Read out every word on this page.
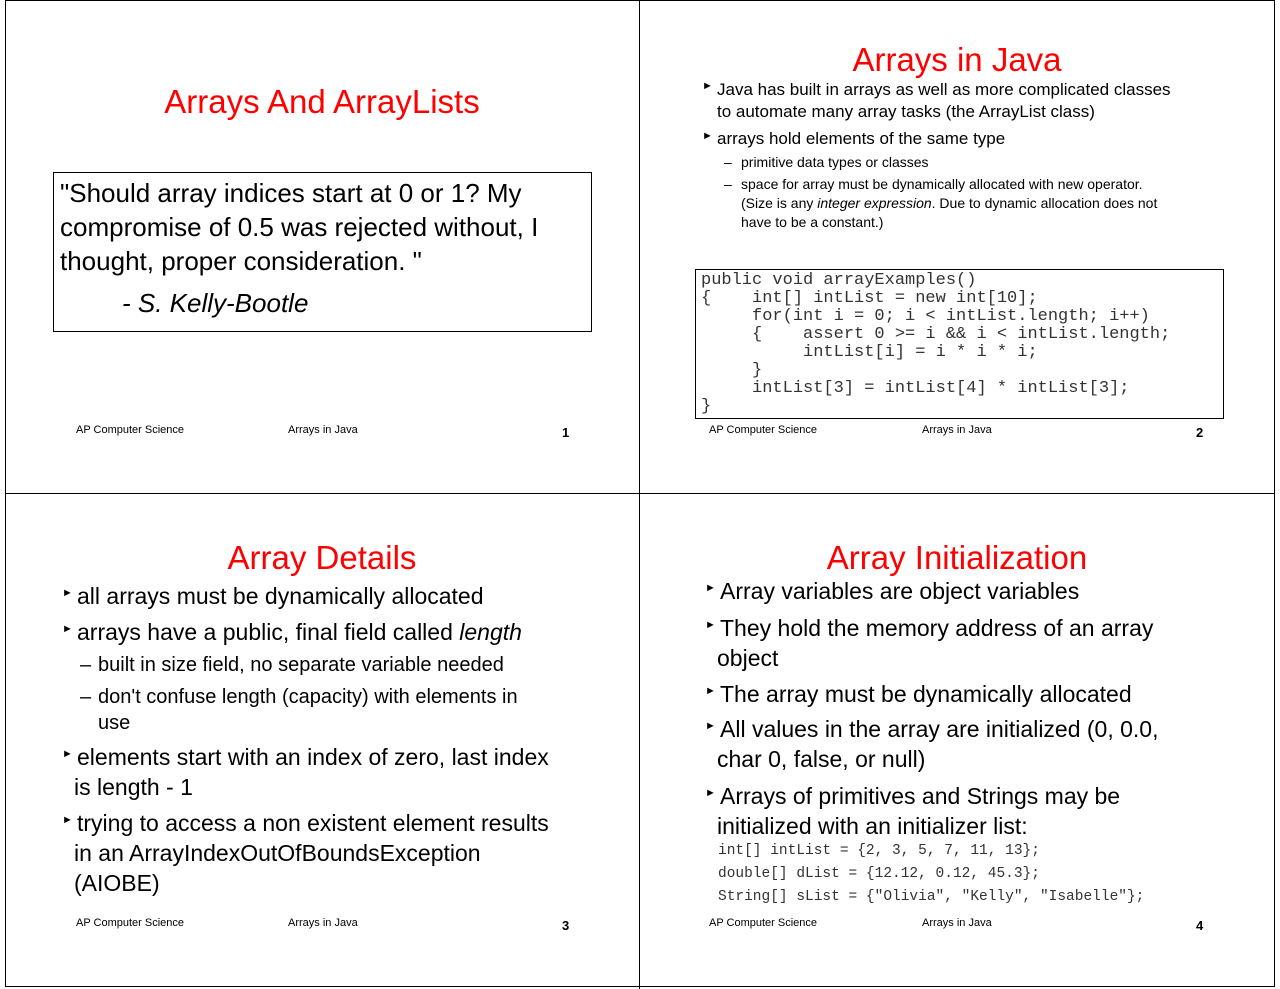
Arrays And ArrayLists
"Should array indices start at 0 or 1? My
compromise of 0.5 was rejected without, I
thought, proper consideration. "
- S. Kelly-Bootle
AP Computer Science	Arrays in Java	1
Arrays in Java
► Java has built in arrays as well as more complicated classes
to automate many array tasks (the ArrayList class)
► arrays hold elements of the same type
– primitive data types or classes
– space for array must be dynamically allocated with new operator.
(Size is any integer expression. Due to dynamic allocation does not
have to be a constant.)
public void arrayExamples()
{    int[] intList = new int[10];
for(int i = 0; i < intList.length; i++)
{    assert 0 >= i && i < intList.length;
intList[i] = i * i * i;
}
intList[3] = intList[4] * intList[3];
}
AP Computer Science	Arrays in Java	2
Array Details
► all arrays must be dynamically allocated
► arrays have a public, final field called length
– built in size field, no separate variable needed
– don't confuse length (capacity) with elements in
use
► elements start with an index of zero, last index
is length - 1
► trying to access a non existent element results
in an ArrayIndexOutOfBoundsException
(AIOBE)
AP Computer Science	Arrays in Java	3
Array Initialization
► Array variables are object variables
► They hold the memory address of an array
object
► The array must be dynamically allocated
► All values in the array are initialized (0, 0.0,
char 0, false, or null)
► Arrays of primitives and Strings may be
initialized with an initializer list:
int[] intList = {2, 3, 5, 7, 11, 13};
double[] dList = {12.12, 0.12, 45.3};
String[] sList = {"Olivia", "Kelly", "Isabelle"};
AP Computer Science	Arrays in Java	4
